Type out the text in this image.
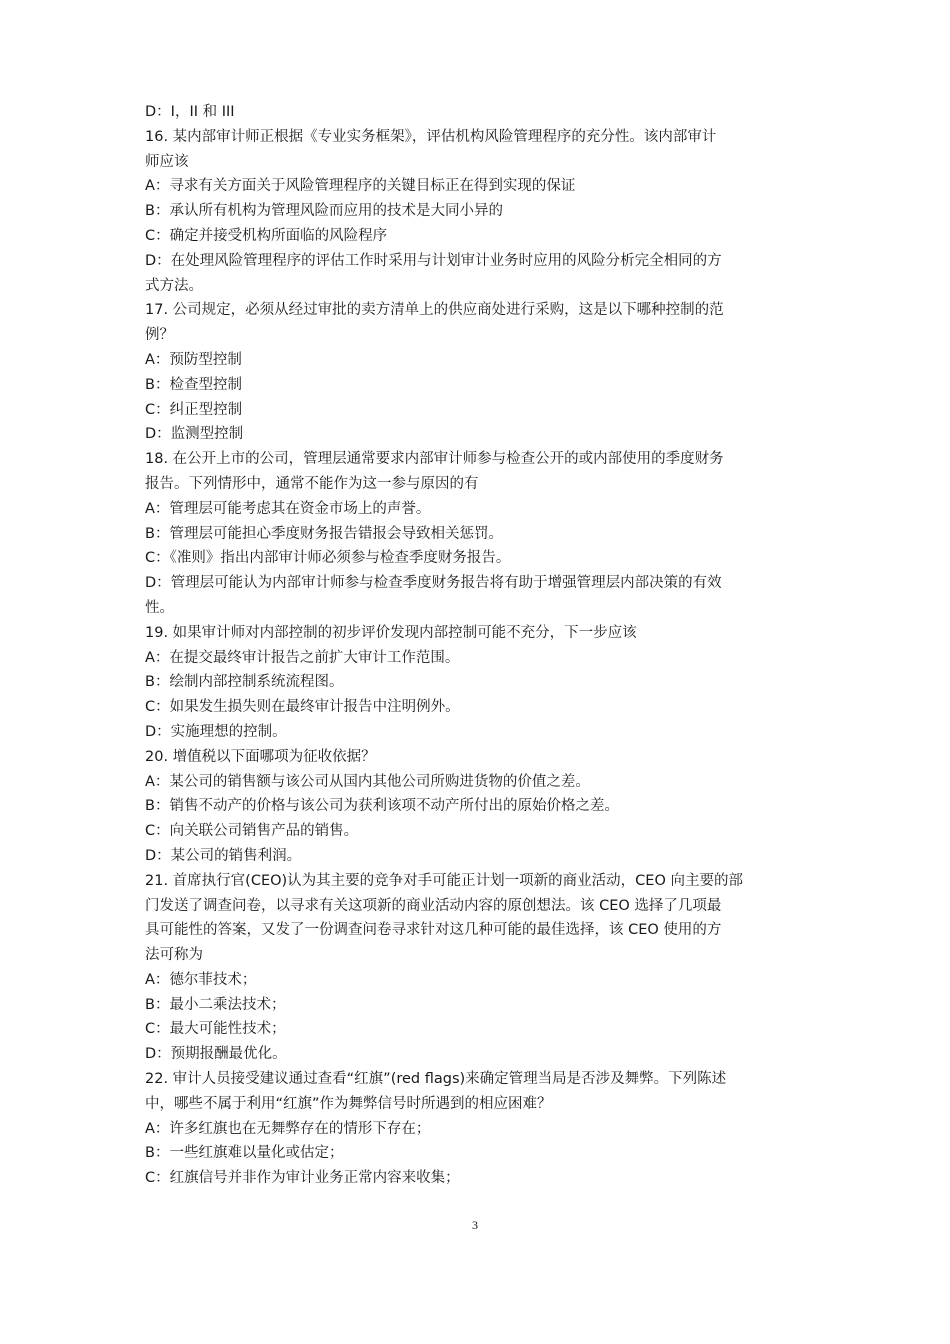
D：I，II 和 III
16. 某内部审计师正根据《专业实务框架》，评估机构风险管理程序的充分性。该内部审计
师应该
A：寻求有关方面关于风险管理程序的关键目标正在得到实现的保证
B：承认所有机构为管理风险而应用的技术是大同小异的
C：确定并接受机构所面临的风险程序
D：在处理风险管理程序的评估工作时采用与计划审计业务时应用的风险分析完全相同的方
式方法。
17. 公司规定，必须从经过审批的卖方清单上的供应商处进行采购，这是以下哪种控制的范
例？
A：预防型控制
B：检查型控制
C：纠正型控制
D：监测型控制
18. 在公开上市的公司，管理层通常要求内部审计师参与检查公开的或内部使用的季度财务
报告。下列情形中，通常不能作为这一参与原因的有
A：管理层可能考虑其在资金市场上的声誉。
B：管理层可能担心季度财务报告错报会导致相关惩罚。
C：《准则》指出内部审计师必须参与检查季度财务报告。
D：管理层可能认为内部审计师参与检查季度财务报告将有助于增强管理层内部决策的有效
性。
19. 如果审计师对内部控制的初步评价发现内部控制可能不充分，下一步应该
A：在提交最终审计报告之前扩大审计工作范围。
B：绘制内部控制系统流程图。
C：如果发生损失则在最终审计报告中注明例外。
D：实施理想的控制。
20. 增值税以下面哪项为征收依据？
A：某公司的销售额与该公司从国内其他公司所购进货物的价值之差。
B：销售不动产的价格与该公司为获利该项不动产所付出的原始价格之差。
C：向关联公司销售产品的销售。
D：某公司的销售利润。
21. 首席执行官(CEO)认为其主要的竞争对手可能正计划一项新的商业活动，CEO 向主要的部
门发送了调查问卷，以寻求有关这项新的商业活动内容的原创想法。该 CEO 选择了几项最
具可能性的答案，又发了一份调查问卷寻求针对这几种可能的最佳选择，该 CEO 使用的方
法可称为
A：德尔菲技术；
B：最小二乘法技术；
C：最大可能性技术；
D：预期报酬最优化。
22. 审计人员接受建议通过查看“红旗”(red flags)来确定管理当局是否涉及舞弊。下列陈述
中，哪些不属于利用“红旗”作为舞弊信号时所遇到的相应困难？
A：许多红旗也在无舞弊存在的情形下存在；
B：一些红旗难以量化或估定；
C：红旗信号并非作为审计业务正常内容来收集；
3
